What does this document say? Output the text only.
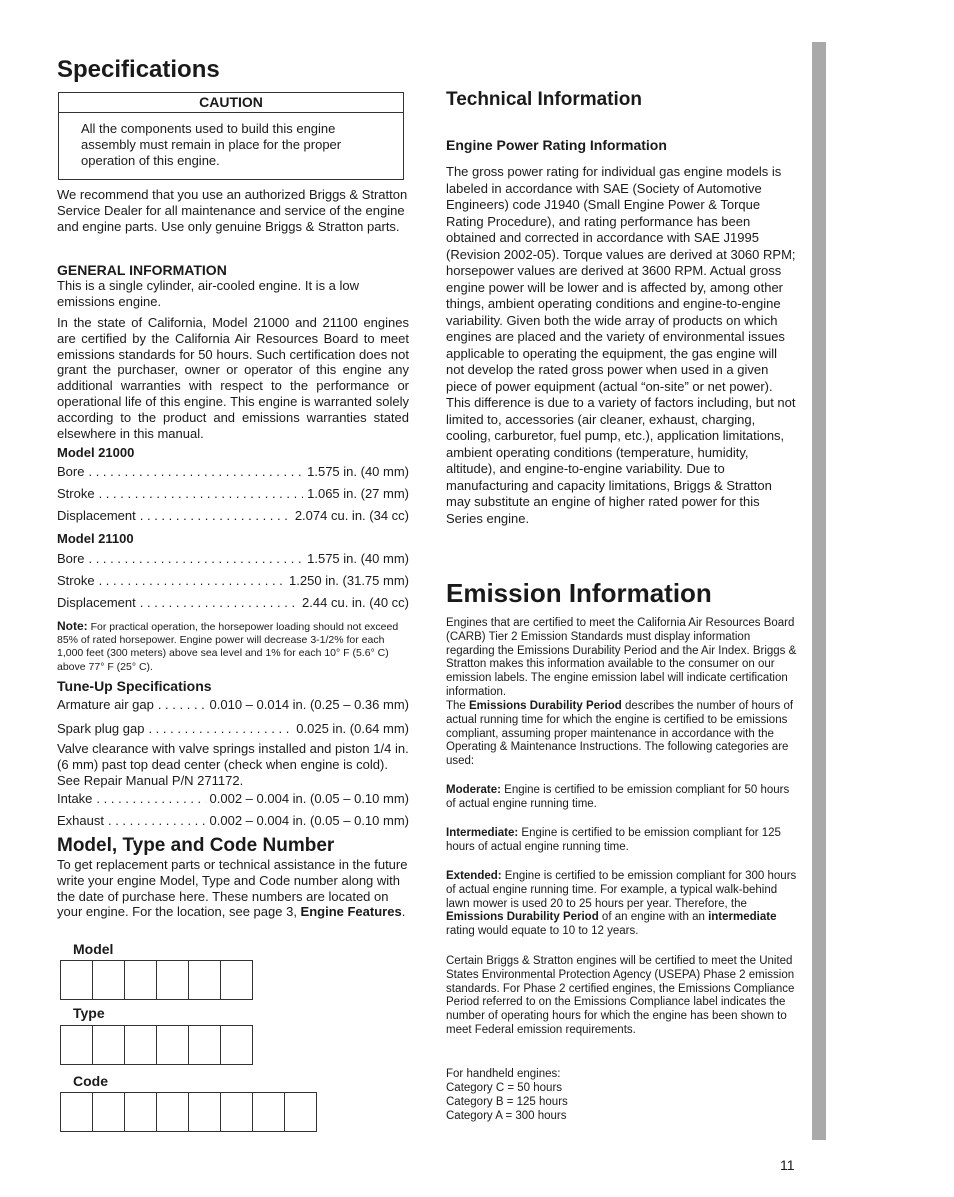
Specifications
CAUTION
All the components used to build this engine assembly must remain in place for the proper operation of this engine.
We recommend that you use an authorized Briggs & Stratton Service Dealer for all maintenance and service of the engine and engine parts. Use only genuine Briggs & Stratton parts.
GENERAL INFORMATION
This is a single cylinder, air-cooled engine. It is a low emissions engine.
In the state of California, Model 21000 and 21100 engines are certified by the California Air Resources Board to meet emissions standards for 50 hours. Such certification does not grant the purchaser, owner or operator of this engine any additional warranties with respect to the performance or operational life of this engine. This engine is warranted solely according to the product and emissions warranties stated elsewhere in this manual.
Model 21000
Bore . . .	1.575 in. (40 mm)
Stroke . . .	1.065 in. (27 mm)
Displacement . . .	2.074 cu. in. (34 cc)
Model 21100
Bore . . .	1.575 in. (40 mm)
Stroke . . .	1.250 in. (31.75 mm)
Displacement . . .	2.44 cu. in. (40 cc)
Note: For practical operation, the horsepower loading should not exceed 85% of rated horsepower. Engine power will decrease 3-1/2% for each 1,000 feet (300 meters) above sea level and 1% for each 10° F (5.6° C) above 77° F (25° C).
Tune-Up Specifications
Armature air gap . . .	0.010 – 0.014 in. (0.25 – 0.36 mm)
Spark plug gap . . .	0.025 in. (0.64 mm)
Valve clearance with valve springs installed and piston 1/4 in. (6 mm) past top dead center (check when engine is cold). See Repair Manual P/N 271172.
Intake . . .	0.002 – 0.004 in. (0.05 – 0.10 mm)
Exhaust . . .	0.002 – 0.004 in. (0.05 – 0.10 mm)
Model, Type and Code Number
To get replacement parts or technical assistance in the future write your engine Model, Type and Code number along with the date of purchase here. These numbers are located on your engine. For the location, see page 3, Engine Features.
Model
Type
Code
Technical Information
Engine Power Rating Information
The gross power rating for individual gas engine models is labeled in accordance with SAE (Society of Automotive Engineers) code J1940 (Small Engine Power & Torque Rating Procedure), and rating performance has been obtained and corrected in accordance with SAE J1995 (Revision 2002-05). Torque values are derived at 3060 RPM; horsepower values are derived at 3600 RPM. Actual gross engine power will be lower and is affected by, among other things, ambient operating conditions and engine-to-engine variability. Given both the wide array of products on which engines are placed and the variety of environmental issues applicable to operating the equipment, the gas engine will not develop the rated gross power when used in a given piece of power equipment (actual “on-site” or net power). This difference is due to a variety of factors including, but not limited to, accessories (air cleaner, exhaust, charging, cooling, carburetor, fuel pump, etc.), application limitations, ambient operating conditions (temperature, humidity, altitude), and engine-to-engine variability. Due to manufacturing and capacity limitations, Briggs & Stratton may substitute an engine of higher rated power for this Series engine.
Emission Information
Engines that are certified to meet the California Air Resources Board (CARB) Tier 2 Emission Standards must display information regarding the Emissions Durability Period and the Air Index. Briggs & Stratton makes this information available to the consumer on our emission labels. The engine emission label will indicate certification information.
The Emissions Durability Period describes the number of hours of actual running time for which the engine is certified to be emissions compliant, assuming proper maintenance in accordance with the Operating & Maintenance Instructions. The following categories are used:
Moderate: Engine is certified to be emission compliant for 50 hours of actual engine running time.
Intermediate: Engine is certified to be emission compliant for 125 hours of actual engine running time.
Extended: Engine is certified to be emission compliant for 300 hours of actual engine running time. For example, a typical walk-behind lawn mower is used 20 to 25 hours per year. Therefore, the Emissions Durability Period of an engine with an intermediate rating would equate to 10 to 12 years.
Certain Briggs & Stratton engines will be certified to meet the United States Environmental Protection Agency (USEPA) Phase 2 emission standards. For Phase 2 certified engines, the Emissions Compliance Period referred to on the Emissions Compliance label indicates the number of operating hours for which the engine has been shown to meet Federal emission requirements.
For handheld engines:
Category C = 50 hours
Category B = 125 hours
Category A = 300 hours
11
